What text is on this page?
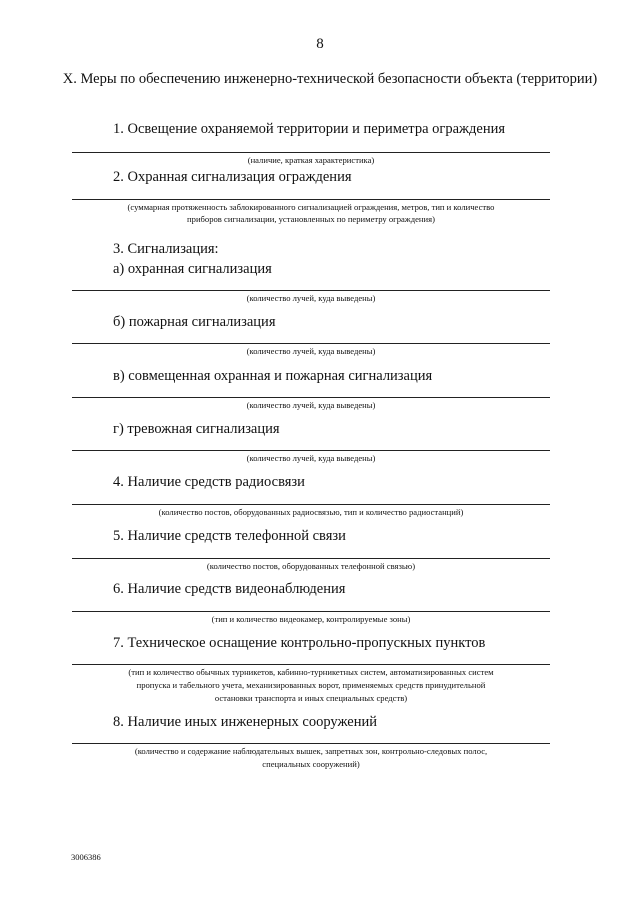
8
X. Меры по обеспечению инженерно-технической безопасности объекта (территории)
1. Освещение охраняемой территории и периметра ограждения
(наличие, краткая характеристика)
2. Охранная сигнализация ограждения
(суммарная протяженность заблокированного сигнализацией ограждения, метров, тип и количество
приборов сигнализации, установленных по периметру ограждения)
3. Сигнализация:
а) охранная сигнализация
(количество лучей, куда выведены)
б) пожарная сигнализация
(количество лучей, куда выведены)
в) совмещенная охранная и пожарная сигнализация
(количество лучей, куда выведены)
г) тревожная сигнализация
(количество лучей, куда выведены)
4. Наличие средств радиосвязи
(количество постов, оборудованных радиосвязью, тип и количество радиостанций)
5. Наличие средств телефонной связи
(количество постов, оборудованных телефонной связью)
6. Наличие средств видеонаблюдения
(тип и количество видеокамер, контролируемые зоны)
7. Техническое оснащение контрольно-пропускных пунктов
(тип и количество обычных турникетов, кабинно-турникетных систем, автоматизированных систем
пропуска и табельного учета, механизированных ворот, применяемых средств принудительной
остановки транспорта и иных специальных средств)
8. Наличие иных инженерных сооружений
(количество и содержание наблюдательных вышек, запретных зон, контрольно-следовых полос,
специальных сооружений)
3006386
